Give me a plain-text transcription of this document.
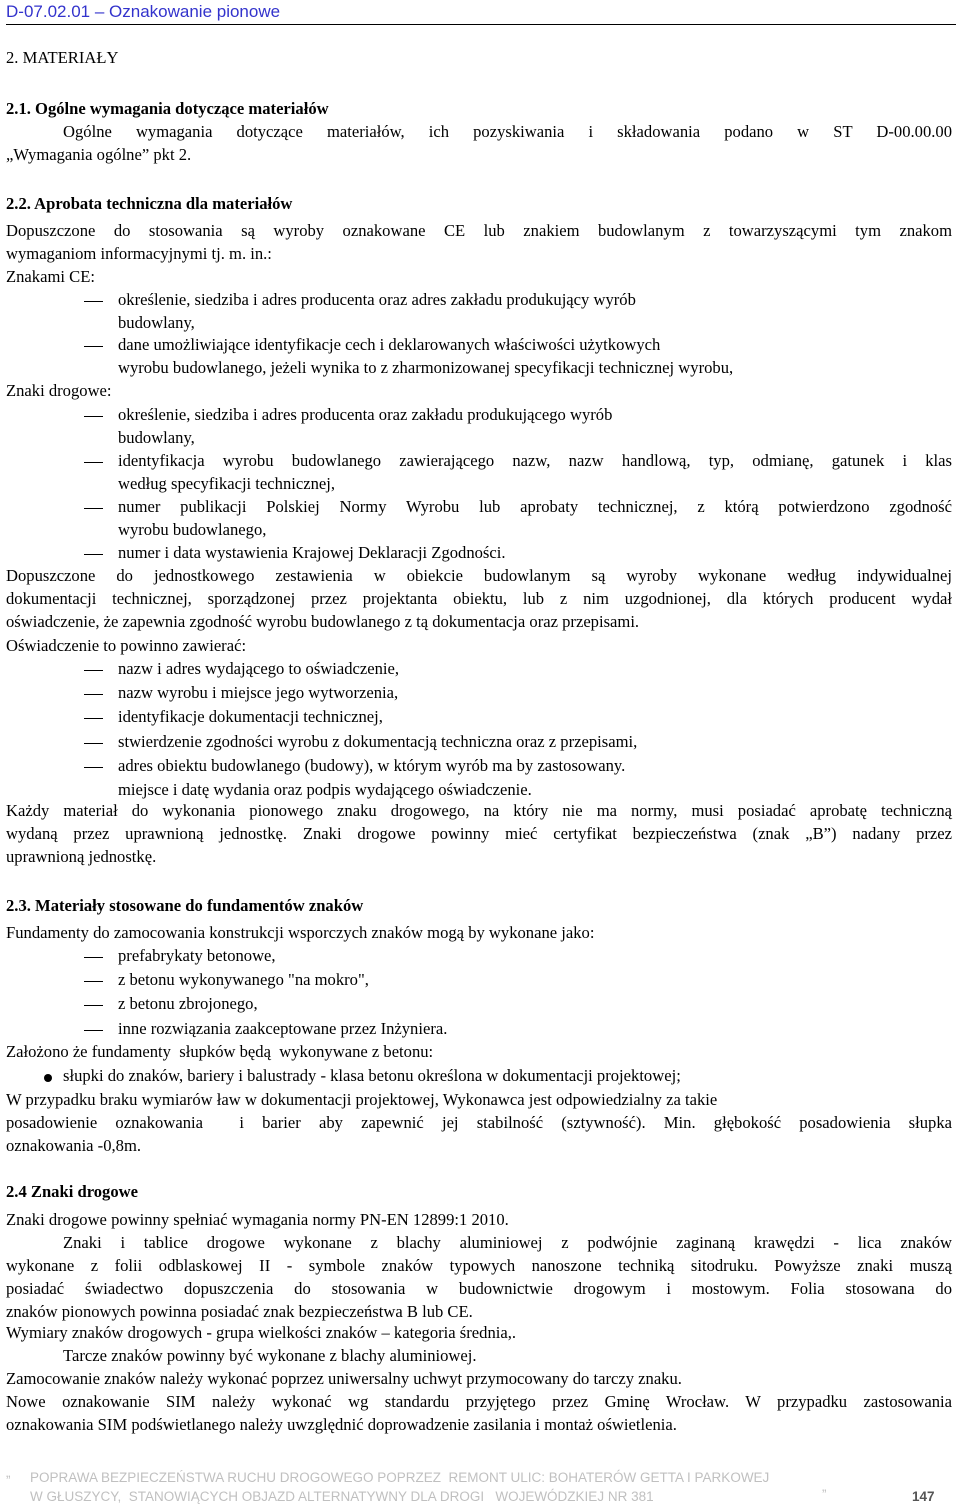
D-07.02.01 – Oznakowanie pionowe
2. MATERIAŁY
2.1. Ogólne wymagania dotyczące materiałów
Ogólne wymagania dotyczące materiałów, ich pozyskiwania i składowania podano w ST D-00.00.00
„Wymagania ogólne” pkt 2.
2.2. Aprobata techniczna dla materiałów
Dopuszczone do stosowania są wyroby oznakowane CE lub znakiem budowlanym z towarzyszącymi tym znakom
wymaganiom informacyjnymi tj. m. in.:
Znakami CE:
określenie, siedziba i adres producenta oraz adres zakładu produkujący wyrób
budowlany,
dane umożliwiające identyfikacje cech i deklarowanych właściwości użytkowych
wyrobu budowlanego, jeżeli wynika to z zharmonizowanej specyfikacji technicznej wyrobu,
Znaki drogowe:
określenie, siedziba i adres producenta oraz zakładu produkującego wyrób
budowlany,
identyfikacja wyrobu budowlanego zawierającego nazw, nazw handlową, typ, odmianę, gatunek i klas
według specyfikacji technicznej,
numer publikacji Polskiej Normy Wyrobu lub aprobaty technicznej, z którą potwierdzono zgodność
wyrobu budowlanego,
numer i data wystawienia Krajowej Deklaracji Zgodności.
Dopuszczone do jednostkowego zestawienia w obiekcie budowlanym są wyroby wykonane według indywidualnej
dokumentacji technicznej, sporządzonej przez projektanta obiektu, lub z nim uzgodnionej, dla których producent wydał
oświadczenie, że zapewnia zgodność wyrobu budowlanego z tą dokumentacja oraz przepisami.
Oświadczenie to powinno zawierać:
nazw i adres wydającego to oświadczenie,
nazw wyrobu i miejsce jego wytworzenia,
identyfikacje dokumentacji technicznej,
stwierdzenie zgodności wyrobu z dokumentacją techniczna oraz z przepisami,
adres obiektu budowlanego (budowy), w którym wyrób ma by zastosowany.
miejsce i datę wydania oraz podpis wydającego oświadczenie.
Każdy materiał do wykonania pionowego znaku drogowego, na który nie ma normy, musi posiadać aprobatę techniczną
wydaną przez uprawnioną jednostkę. Znaki drogowe powinny mieć certyfikat bezpieczeństwa (znak „B”) nadany przez
uprawnioną jednostkę.
2.3. Materiały stosowane do fundamentów znaków
Fundamenty do zamocowania konstrukcji wsporczych znaków mogą by wykonane jako:
prefabrykaty betonowe,
z betonu wykonywanego "na mokro",
z betonu zbrojonego,
inne rozwiązania zaakceptowane przez Inżyniera.
Założono że fundamenty  słupków będą  wykonywane z betonu:
słupki do znaków, bariery i balustrady - klasa betonu określona w dokumentacji projektowej;
W przypadku braku wymiarów ław w dokumentacji projektowej, Wykonawca jest odpowiedzialny za takie
posadowienie oznakowania  i barier aby zapewnić jej stabilność (sztywność). Min. głębokość posadowienia słupka
oznakowania -0,8m.
2.4 Znaki drogowe
Znaki drogowe powinny spełniać wymagania normy PN-EN 12899:1 2010.
Znaki i tablice drogowe wykonane z blachy aluminiowej z podwójnie zaginaną krawędzi - lica znaków
wykonane z folii odblaskowej II - symbole znaków typowych nanoszone techniką sitodruku. Powyższe znaki muszą
posiadać świadectwo dopuszczenia do stosowania w budownictwie drogowym i mostowym. Folia stosowana do
znaków pionowych powinna posiadać znak bezpieczeństwa B lub CE.
Wymiary znaków drogowych - grupa wielkości znaków – kategoria średnia,.
Tarcze znaków powinny być wykonane z blachy aluminiowej.
Zamocowanie znaków należy wykonać poprzez uniwersalny uchwyt przymocowany do tarczy znaku.
Nowe oznakowanie SIM należy wykonać wg standardu przyjętego przez Gminę Wrocław. W przypadku zastosowania
oznakowania SIM podświetlanego należy uwzględnić doprowadzenie zasilania i montaż oświetlenia.
„ POPRAWA BEZPIECZEŃSTWA RUCHU DROGOWEGO POPRZEZ  REMONT ULIC: BOHATERÓW GETTA I PARKOWEJ
W GŁUSZYCY,  STANOWIĄCYCH OBJAZD ALTERNATYWNY DLA DROGI   WOJEWÓDZKIEJ NR 381	”	147
